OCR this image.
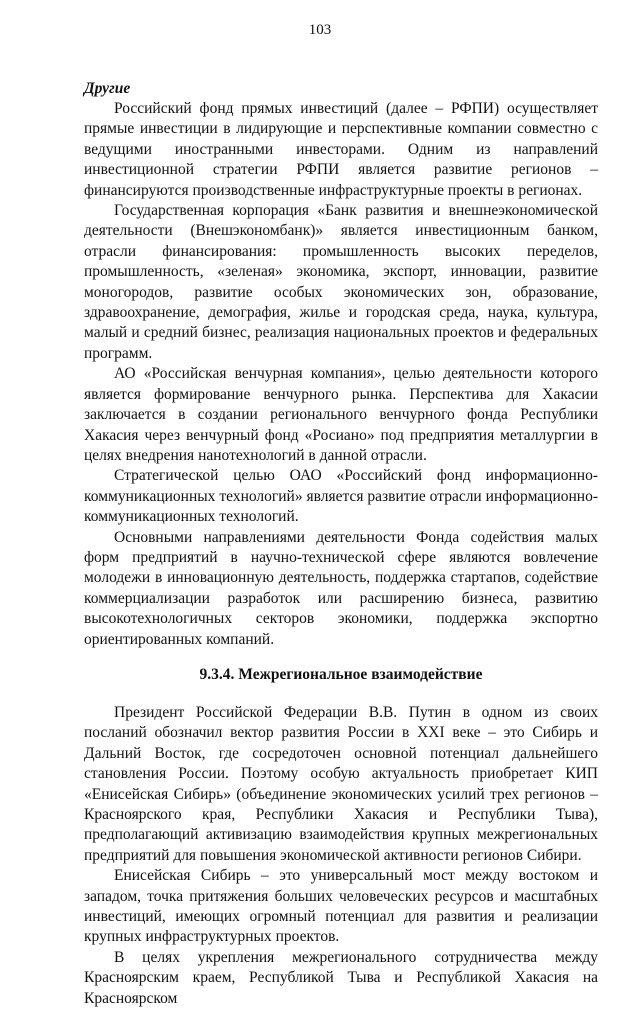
103

Другие

Российский фонд прямых инвестиций (далее – РФПИ) осуществляет прямые инвестиции в лидирующие и перспективные компании совместно с ведущими иностранными инвесторами. Одним из направлений инвестиционной стратегии РФПИ является развитие регионов – финансируются производственные инфраструктурные проекты в регионах.

Государственная корпорация «Банк развития и внешнеэкономической деятельности (Внешэкономбанк)» является инвестиционным банком, отрасли финансирования: промышленность высоких переделов, промышленность, «зеленая» экономика, экспорт, инновации, развитие моногородов, развитие особых экономических зон, образование, здравоохранение, демография, жилье и городская среда, наука, культура, малый и средний бизнес, реализация национальных проектов и федеральных программ.

АО «Российская венчурная компания», целью деятельности которого является формирование венчурного рынка. Перспектива для Хакасии заключается в создании регионального венчурного фонда Республики Хакасия через венчурный фонд «Росиано» под предприятия металлургии в целях внедрения нанотехнологий в данной отрасли.

Стратегической целью ОАО «Российский фонд информационно-коммуникационных технологий» является развитие отрасли информационно-коммуникационных технологий.

Основными направлениями деятельности Фонда содействия малых форм предприятий в научно-технической сфере являются вовлечение молодежи в инновационную деятельность, поддержка стартапов, содействие коммерциализации разработок или расширению бизнеса, развитию высокотехнологичных секторов экономики, поддержка экспортно ориентированных компаний.

9.3.4. Межрегиональное взаимодействие

Президент Российской Федерации В.В. Путин в одном из своих посланий обозначил вектор развития России в XXI веке – это Сибирь и Дальний Восток, где сосредоточен основной потенциал дальнейшего становления России. Поэтому особую актуальность приобретает КИП «Енисейская Сибирь» (объединение экономических усилий трех регионов – Красноярского края, Республики Хакасия и Республики Тыва), предполагающий активизацию взаимодействия крупных межрегиональных предприятий для повышения экономической активности регионов Сибири.

Енисейская Сибирь – это универсальный мост между востоком и западом, точка притяжения больших человеческих ресурсов и масштабных инвестиций, имеющих огромный потенциал для развития и реализации крупных инфраструктурных проектов.

В целях укрепления межрегионального сотрудничества между Красноярским краем, Республикой Тыва и Республикой Хакасия на Красноярском
